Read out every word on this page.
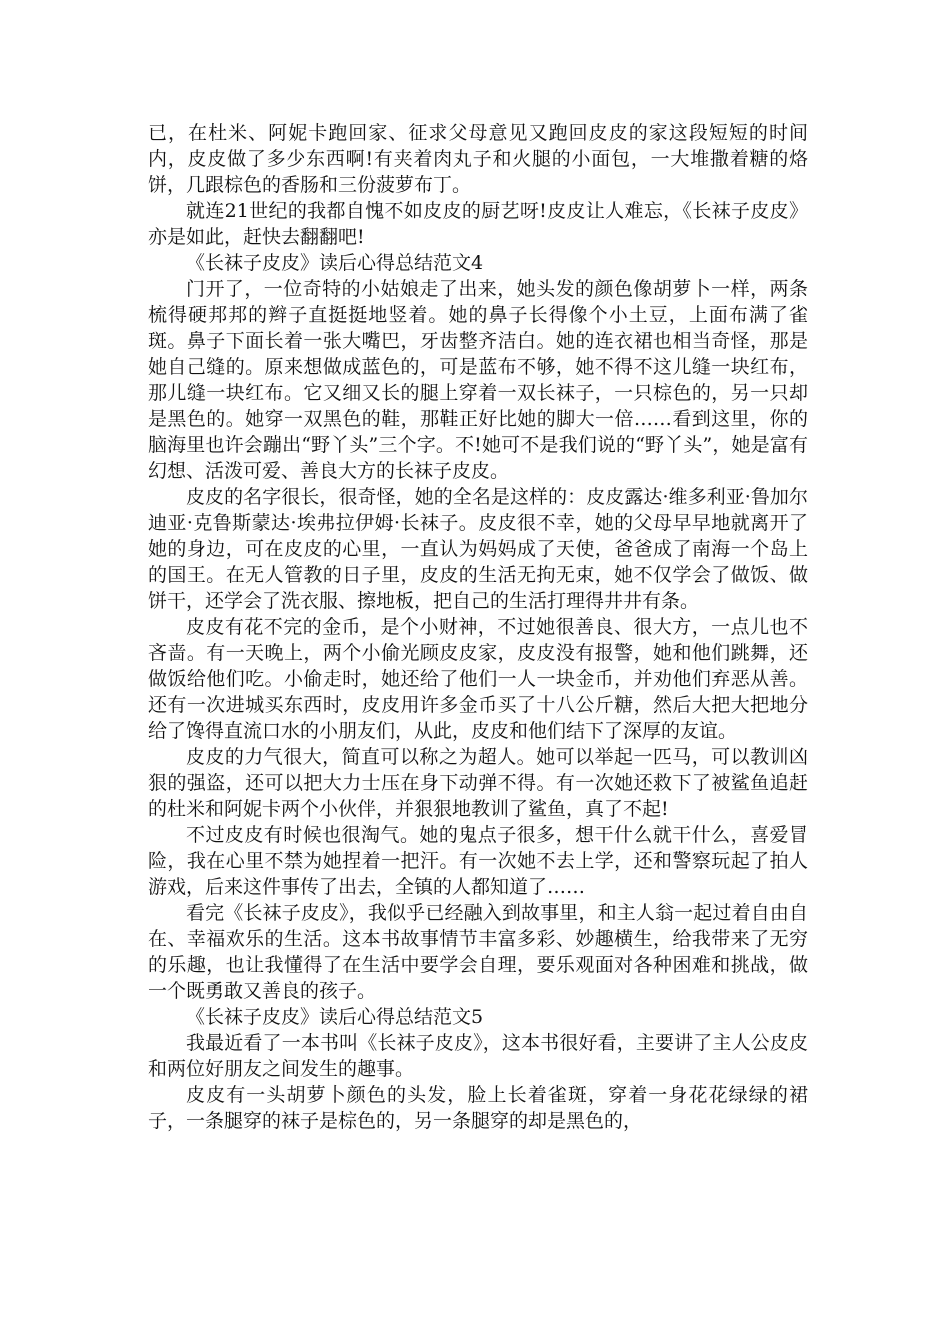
已，在杜米、阿妮卡跑回家、征求父母意见又跑回皮皮的家这段短短的时间内，皮皮做了多少东西啊!有夹着肉丸子和火腿的小面包，一大堆撒着糖的烙饼，几跟棕色的香肠和三份菠萝布丁。

就连21世纪的我都自愧不如皮皮的厨艺呀!皮皮让人难忘，《长袜子皮皮》亦是如此，赶快去翻翻吧!

《长袜子皮皮》读后心得总结范文4

门开了，一位奇特的小姑娘走了出来，她头发的颜色像胡萝卜一样，两条梳得硬邦邦的辫子直挺挺地竖着。她的鼻子长得像个小土豆，上面布满了雀斑。鼻子下面长着一张大嘴巴，牙齿整齐洁白。她的连衣裙也相当奇怪，那是她自己缝的。原来想做成蓝色的，可是蓝布不够，她不得不这儿缝一块红布，那儿缝一块红布。它又细又长的腿上穿着一双长袜子，一只棕色的，另一只却是黑色的。她穿一双黑色的鞋，那鞋正好比她的脚大一倍……看到这里，你的脑海里也许会蹦出“野丫头”三个字。不!她可不是我们说的“野丫头”，她是富有幻想、活泼可爱、善良大方的长袜子皮皮。

皮皮的名字很长，很奇怪，她的全名是这样的：皮皮露达·维多利亚·鲁加尔迪亚·克鲁斯蒙达·埃弗拉伊姆·长袜子。皮皮很不幸，她的父母早早地就离开了她的身边，可在皮皮的心里，一直认为妈妈成了天使，爸爸成了南海一个岛上的国王。在无人管教的日子里，皮皮的生活无拘无束，她不仅学会了做饭、做饼干，还学会了洗衣服、擦地板，把自己的生活打理得井井有条。

皮皮有花不完的金币，是个小财神，不过她很善良、很大方，一点儿也不吝啬。有一天晚上，两个小偷光顾皮皮家，皮皮没有报警，她和他们跳舞，还做饭给他们吃。小偷走时，她还给了他们一人一块金币，并劝他们弃恶从善。还有一次进城买东西时，皮皮用许多金币买了十八公斤糖，然后大把大把地分给了馋得直流口水的小朋友们，从此，皮皮和他们结下了深厚的友谊。

皮皮的力气很大，简直可以称之为超人。她可以举起一匹马，可以教训凶狠的强盗，还可以把大力士压在身下动弹不得。有一次她还救下了被鲨鱼追赶的杜米和阿妮卡两个小伙伴，并狠狠地教训了鲨鱼，真了不起!

不过皮皮有时候也很淘气。她的鬼点子很多，想干什么就干什么，喜爱冒险，我在心里不禁为她捏着一把汗。有一次她不去上学，还和警察玩起了拍人游戏，后来这件事传了出去，全镇的人都知道了……

看完《长袜子皮皮》，我似乎已经融入到故事里，和主人翁一起过着自由自在、幸福欢乐的生活。这本书故事情节丰富多彩、妙趣横生，给我带来了无穷的乐趣，也让我懂得了在生活中要学会自理，要乐观面对各种困难和挑战，做一个既勇敢又善良的孩子。

《长袜子皮皮》读后心得总结范文5

我最近看了一本书叫《长袜子皮皮》，这本书很好看，主要讲了主人公皮皮和两位好朋友之间发生的趣事。

皮皮有一头胡萝卜颜色的头发，脸上长着雀斑，穿着一身花花绿绿的裙子，一条腿穿的袜子是棕色的，另一条腿穿的却是黑色的，
